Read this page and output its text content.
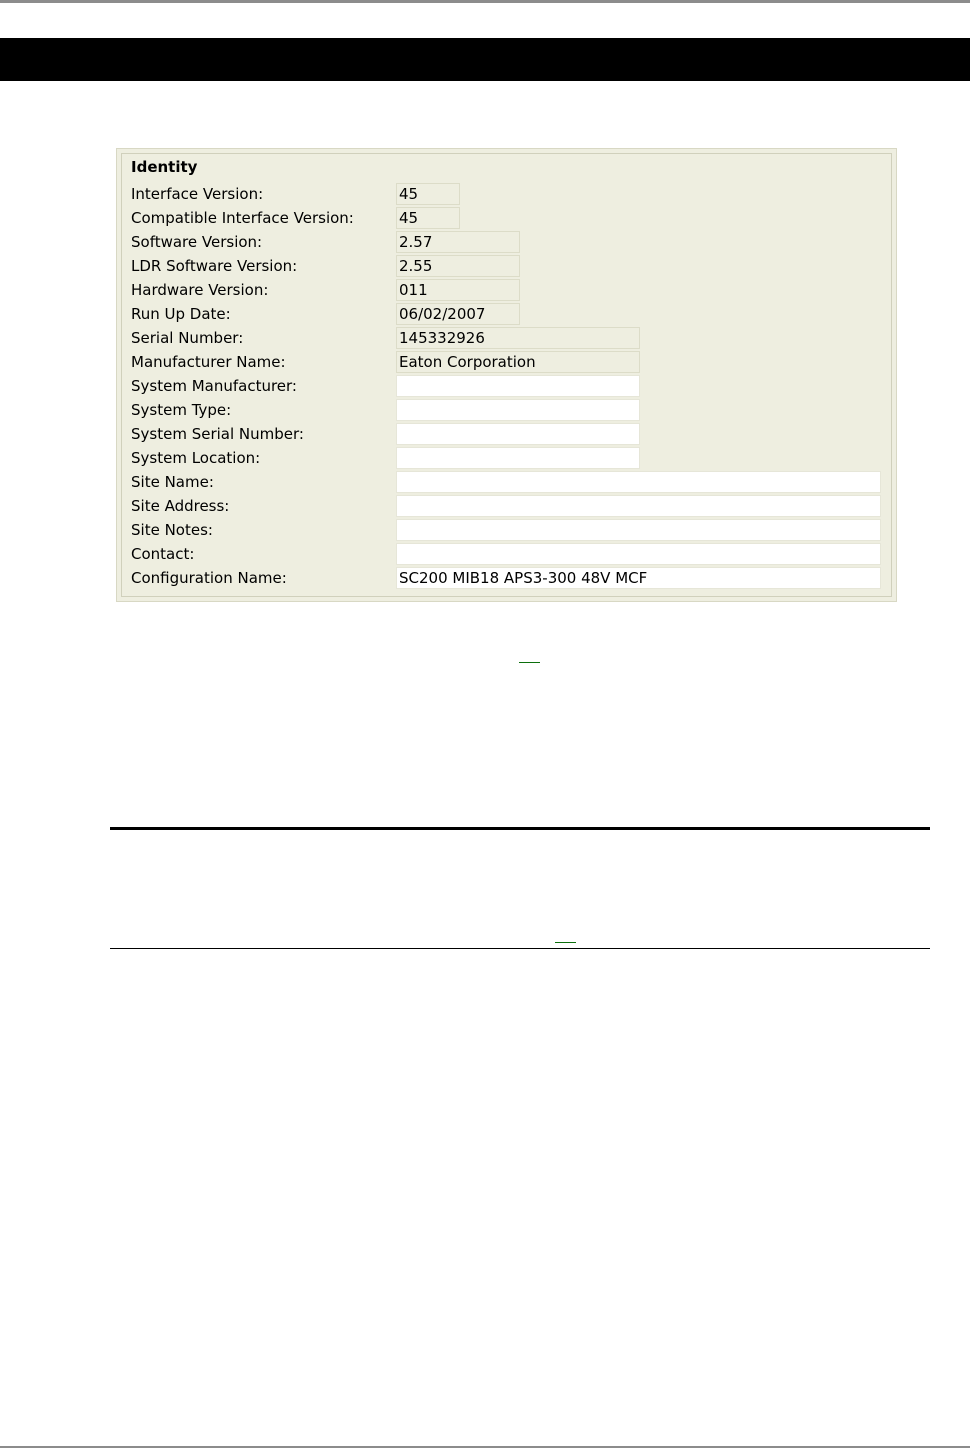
Identity
Interface Version:	45
Compatible Interface Version:	45
Software Version:	2.57
LDR Software Version:	2.55
Hardware Version:	011
Run Up Date:	06/02/2007
Serial Number:	145332926
Manufacturer Name:	Eaton Corporation
System Manufacturer:
System Type:
System Serial Number:
System Location:
Site Name:
Site Address:
Site Notes:
Contact:
Configuration Name:	SC200 MIB18 APS3-300 48V MCF
